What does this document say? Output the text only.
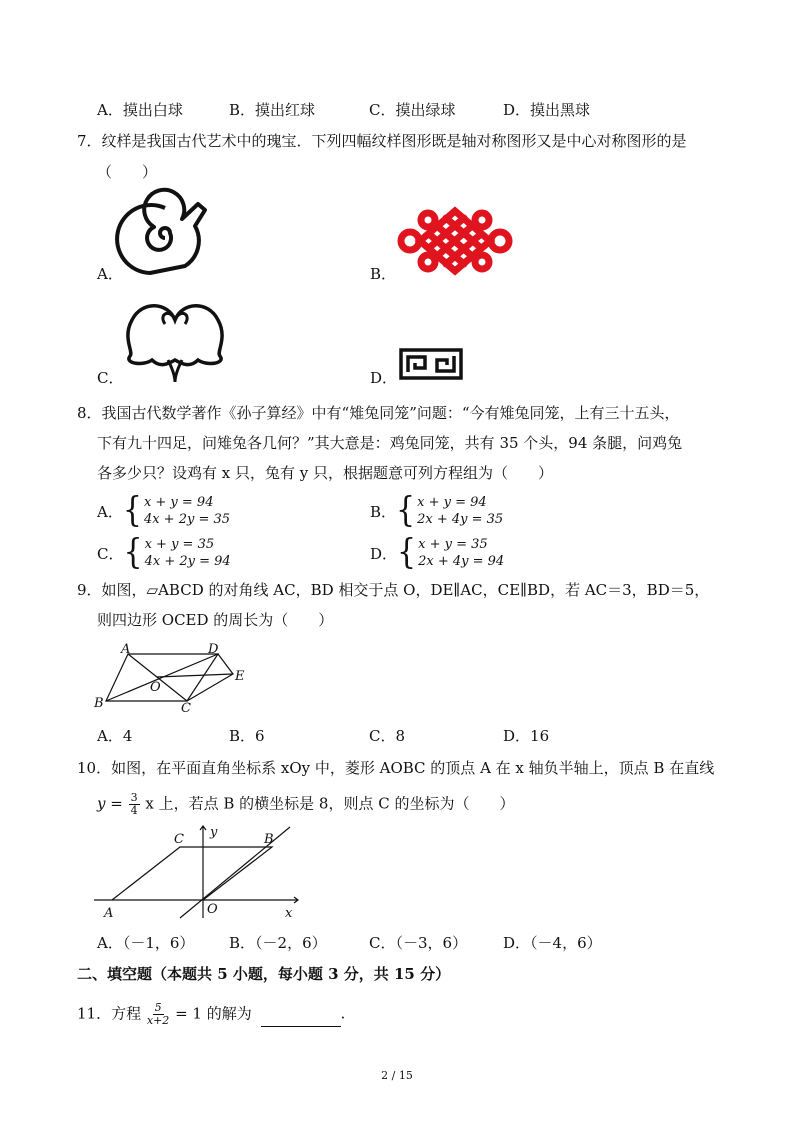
A．摸出白球	B．摸出红球	C．摸出绿球	D．摸出黑球
7．纹样是我国古代艺术中的瑰宝．下列四幅纹样图形既是轴对称图形又是中心对称图形的是
（　　）
A．	B．
C．	D．
8．我国古代数学著作《孙子算经》中有“雉兔同笼”问题：“今有雉兔同笼，上有三十五头，
下有九十四足，问雉兔各几何？”其大意是：鸡兔同笼，共有 35 个头，94 条腿，问鸡兔
各多少只？设鸡有 x 只，兔有 y 只，根据题意可列方程组为（　　）
A． { x + y = 94
4x + 2y = 35	B． { x + y = 94
2x + 4y = 35
C． { x + y = 35
4x + 2y = 94	D． { x + y = 35
2x + 4y = 94
9．如图，▱ABCD 的对角线 AC，BD 相交于点 O，DE∥AC，CE∥BD，若 AC＝3，BD＝5，
则四边形 OCED 的周长为（　　）
A	D
E
O
B	C
A．4	B．6	C．8	D．16
10．如图，在平面直角坐标系 xOy 中，菱形 AOBC 的顶点 A 在 x 轴负半轴上，顶点 B 在直线
$y = \frac{3}{4}$ x 上，若点 B 的横坐标是 8，则点 C 的坐标为（　　）
C	B
y
A	O	x
A．（－1，6） B．（－2，6）	C．（－3，6） D．（－4，6）
二、填空题（本题共 5 小题，每小题 3 分，共 15 分）
11．方程 $\frac{5}{x+2} = 1$ 的解为	.
2 / 15
